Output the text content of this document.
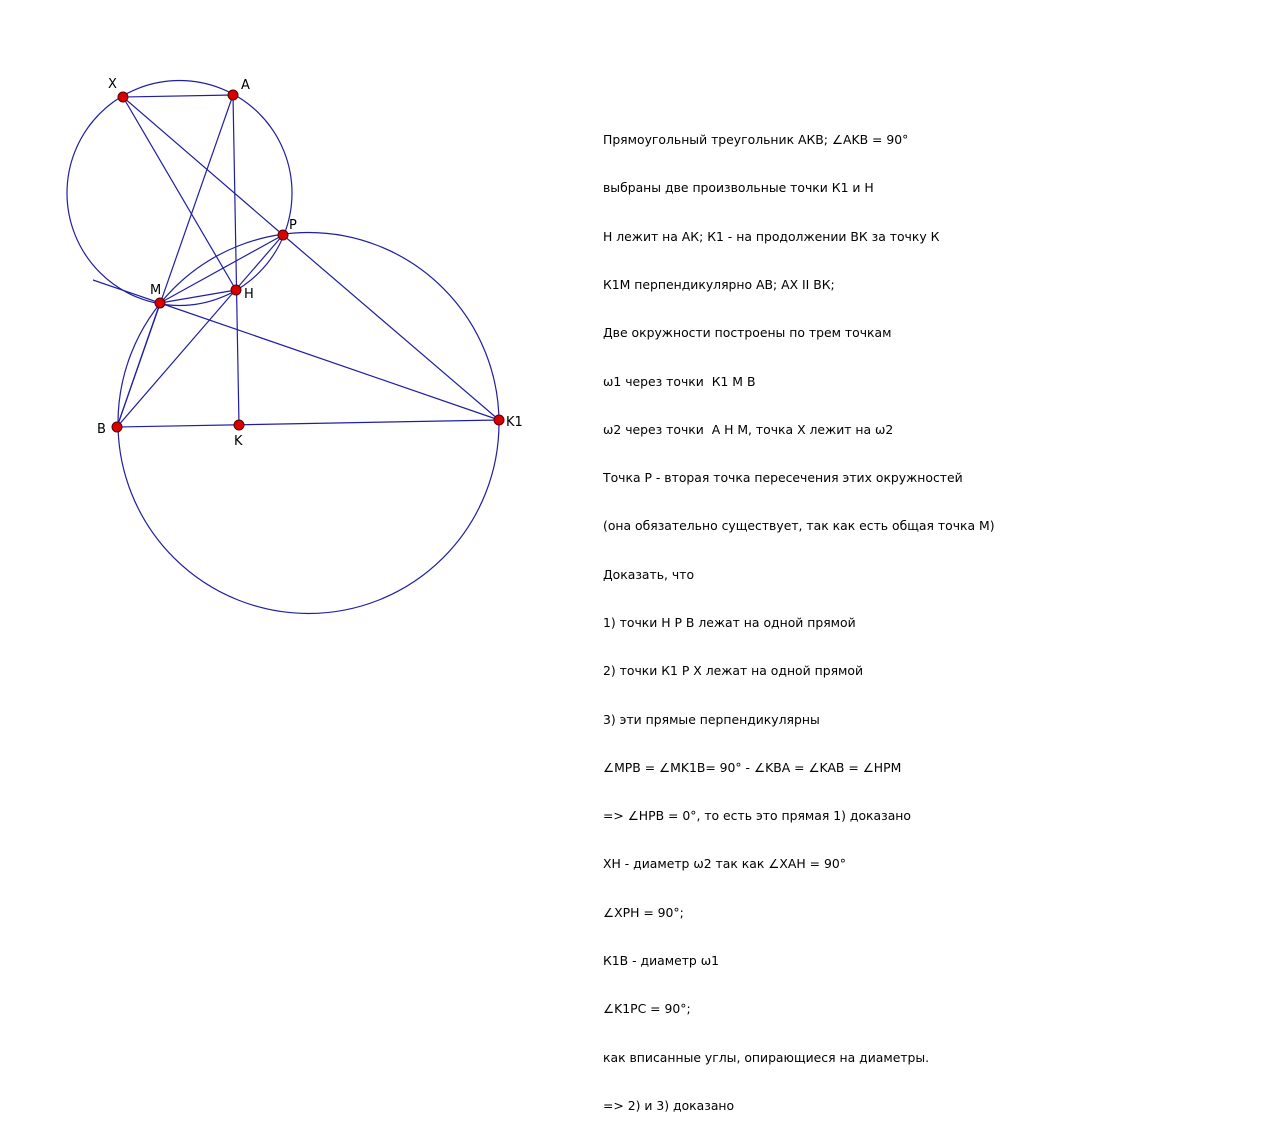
X	A
P
M	H
B
K
K1

Прямоугольный треугольник АКВ; ∠AKB = 90°

выбраны две произвольные точки К1 и Н

Н лежит на АК; К1 - на продолжении ВК за точку К

К1М перпендикулярно АВ; АХ II ВК;

Две окружности построены по трем точкам

ω1 через точки  К1 М В

ω2 через точки  А Н М, точка Х лежит на ω2

Точка Р - вторая точка пересечения этих окружностей

(она обязательно существует, так как есть общая точка М)

Доказать, что

1) точки Н Р В лежат на одной прямой

2) точки К1 Р Х лежат на одной прямой

3) эти прямые перпендикулярны

∠MPB = ∠MK1B= 90° - ∠KBA = ∠KAB = ∠HPM

=> ∠HPB = 0°, то есть это прямая 1) доказано

ХН - диаметр ω2 так как ∠XAH = 90°

∠XPH = 90°;

К1В - диаметр ω1

∠K1PC = 90°;

как вписанные углы, опирающиеся на диаметры.

=> 2) и 3) доказано
